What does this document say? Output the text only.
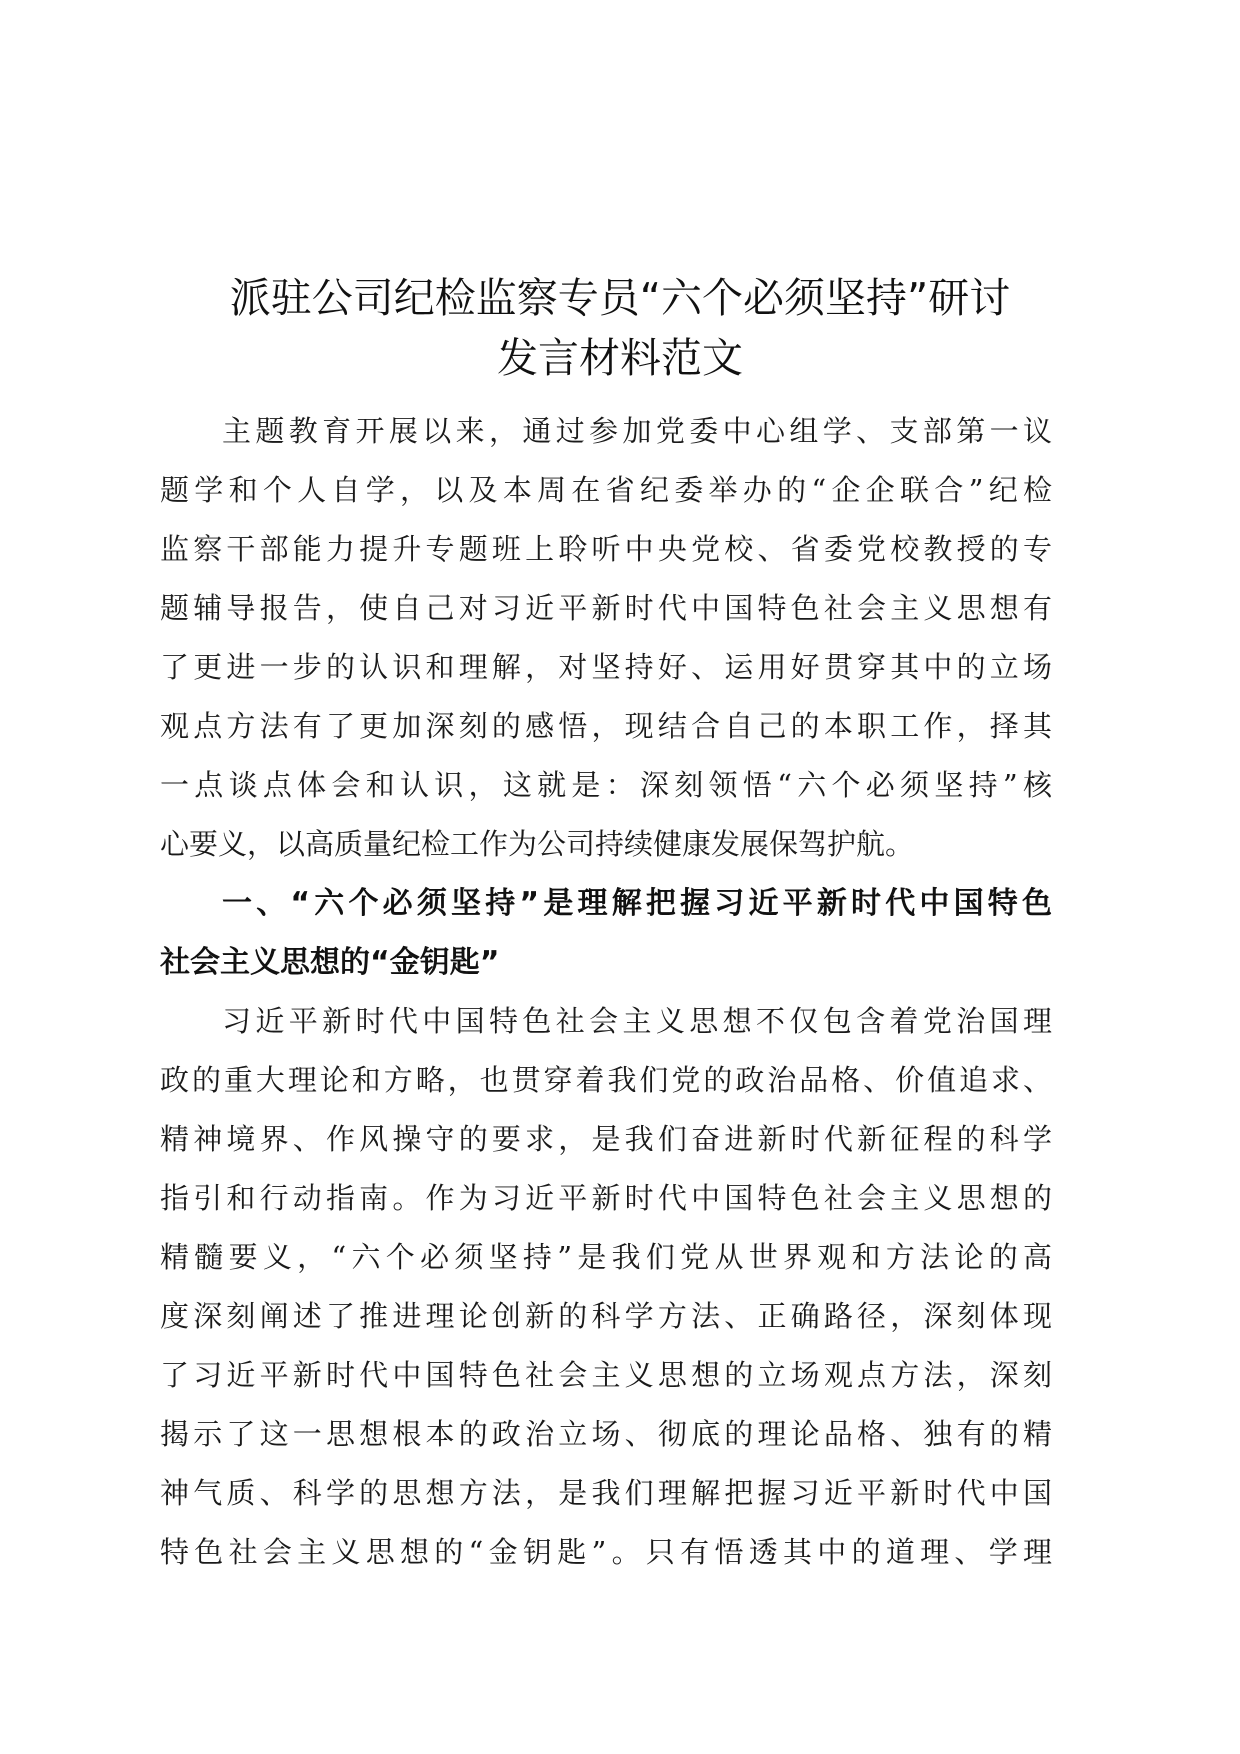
派驻公司纪检监察专员“六个必须坚持”研讨
发言材料范文
主题教育开展以来，通过参加党委中心组学、支部第一议
题学和个人自学，以及本周在省纪委举办的“企企联合”纪检
监察干部能力提升专题班上聆听中央党校、省委党校教授的专
题辅导报告，使自己对习近平新时代中国特色社会主义思想有
了更进一步的认识和理解，对坚持好、运用好贯穿其中的立场
观点方法有了更加深刻的感悟，现结合自己的本职工作，择其
一点谈点体会和认识，这就是：深刻领悟“六个必须坚持”核
心要义，以高质量纪检工作为公司持续健康发展保驾护航。
一、“六个必须坚持”是理解把握习近平新时代中国特色
社会主义思想的“金钥匙”
习近平新时代中国特色社会主义思想不仅包含着党治国理
政的重大理论和方略，也贯穿着我们党的政治品格、价值追求、
精神境界、作风操守的要求，是我们奋进新时代新征程的科学
指引和行动指南。作为习近平新时代中国特色社会主义思想的
精髓要义，“六个必须坚持”是我们党从世界观和方法论的高
度深刻阐述了推进理论创新的科学方法、正确路径，深刻体现
了习近平新时代中国特色社会主义思想的立场观点方法，深刻
揭示了这一思想根本的政治立场、彻底的理论品格、独有的精
神气质、科学的思想方法，是我们理解把握习近平新时代中国
特色社会主义思想的“金钥匙”。只有悟透其中的道理、学理
